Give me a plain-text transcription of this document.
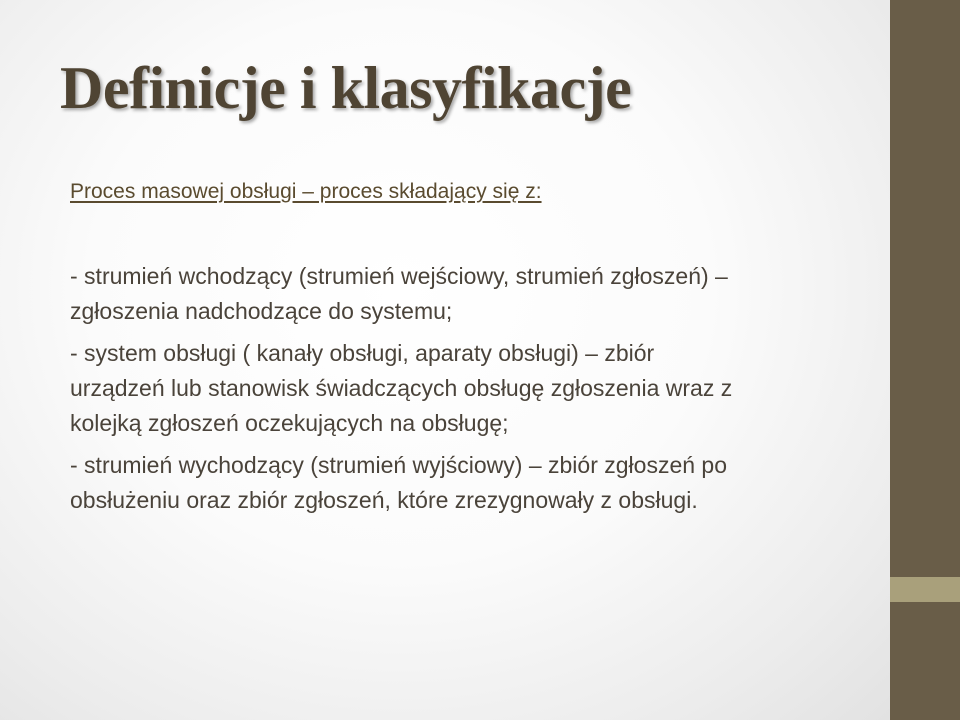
Definicje i klasyfikacje

Proces masowej obsługi – proces składający się z:

- strumień wchodzący (strumień wejściowy, strumień zgłoszeń) –
zgłoszenia nadchodzące do systemu;

- system obsługi ( kanały obsługi, aparaty obsługi) – zbiór
urządzeń lub stanowisk świadczących obsługę zgłoszenia wraz z
kolejką zgłoszeń oczekujących na obsługę;

- strumień wychodzący (strumień wyjściowy) – zbiór zgłoszeń po
obsłużeniu oraz zbiór zgłoszeń, które zrezygnowały z obsługi.
